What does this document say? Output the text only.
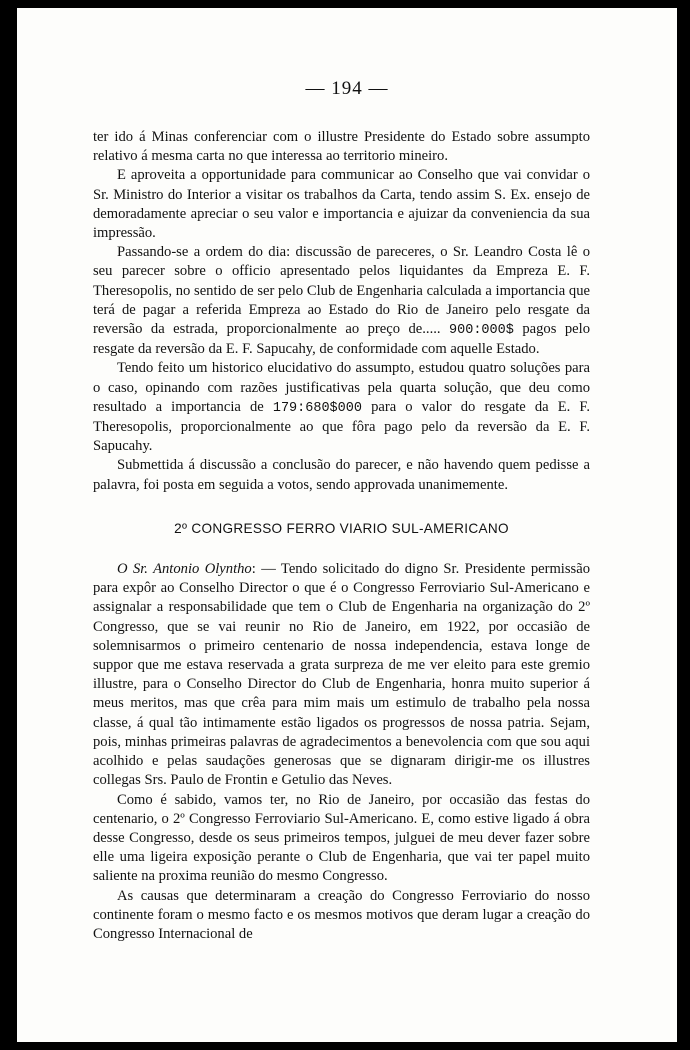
— 194 —

ter ido á Minas conferenciar com o illustre Presidente do Estado sobre assumpto relativo á mesma carta no que interessa ao territorio mineiro.

E aproveita a opportunidade para communicar ao Conselho que vai convidar o Sr. Ministro do Interior a visitar os trabalhos da Carta, tendo assim S. Ex. ensejo de demoradamente apreciar o seu valor e importancia e ajuizar da conveniencia da sua impressão.

Passando-se a ordem do dia: discussão de pareceres, o Sr. Leandro Costa lê o seu parecer sobre o officio apresentado pelos liquidantes da Empreza E. F. Theresopolis, no sentido de ser pelo Club de Engenharia calculada a importancia que terá de pagar a referida Empreza ao Estado do Rio de Janeiro pelo resgate da reversão da estrada, proporcionalmente ao preço de..... 900:000$ pagos pelo resgate da reversão da E. F. Sapucahy, de conformidade com aquelle Estado.

Tendo feito um historico elucidativo do assumpto, estudou quatro soluções para o caso, opinando com razões justificativas pela quarta solução, que deu como resultado a importancia de 179:680$000 para o valor do resgate da E. F. Theresopolis, proporcionalmente ao que fôra pago pelo da reversão da E. F. Sapucahy.

Submettida á discussão a conclusão do parecer, e não havendo quem pedisse a palavra, foi posta em seguida a votos, sendo approvada unanimemente.

2º CONGRESSO FERRO VIARIO SUL-AMERICANO

O Sr. Antonio Olyntho: — Tendo solicitado do digno Sr. Presidente permissão para expôr ao Conselho Director o que é o Congresso Ferroviario Sul-Americano e assignalar a responsabilidade que tem o Club de Engenharia na organização do 2º Congresso, que se vai reunir no Rio de Janeiro, em 1922, por occasião de solemnisarmos o primeiro centenario de nossa independencia, estava longe de suppor que me estava reservada a grata surpreza de me ver eleito para este gremio illustre, para o Conselho Director do Club de Engenharia, honra muito superior á meus meritos, mas que crêa para mim mais um estimulo de trabalho pela nossa classe, á qual tão intimamente estão ligados os progressos de nossa patria. Sejam, pois, minhas primeiras palavras de agradecimentos a benevolencia com que sou aqui acolhido e pelas saudações generosas que se dignaram dirigir-me os illustres collegas Srs. Paulo de Frontin e Getulio das Neves.

Como é sabido, vamos ter, no Rio de Janeiro, por occasião das festas do centenario, o 2º Congresso Ferroviario Sul-Americano. E, como estive ligado á obra desse Congresso, desde os seus primeiros tempos, julguei de meu dever fazer sobre elle uma ligeira exposição perante o Club de Engenharia, que vai ter papel muito saliente na proxima reunião do mesmo Congresso.

As causas que determinaram a creação do Congresso Ferroviario do nosso continente foram o mesmo facto e os mesmos motivos que deram lugar a creação do Congresso Internacional de
